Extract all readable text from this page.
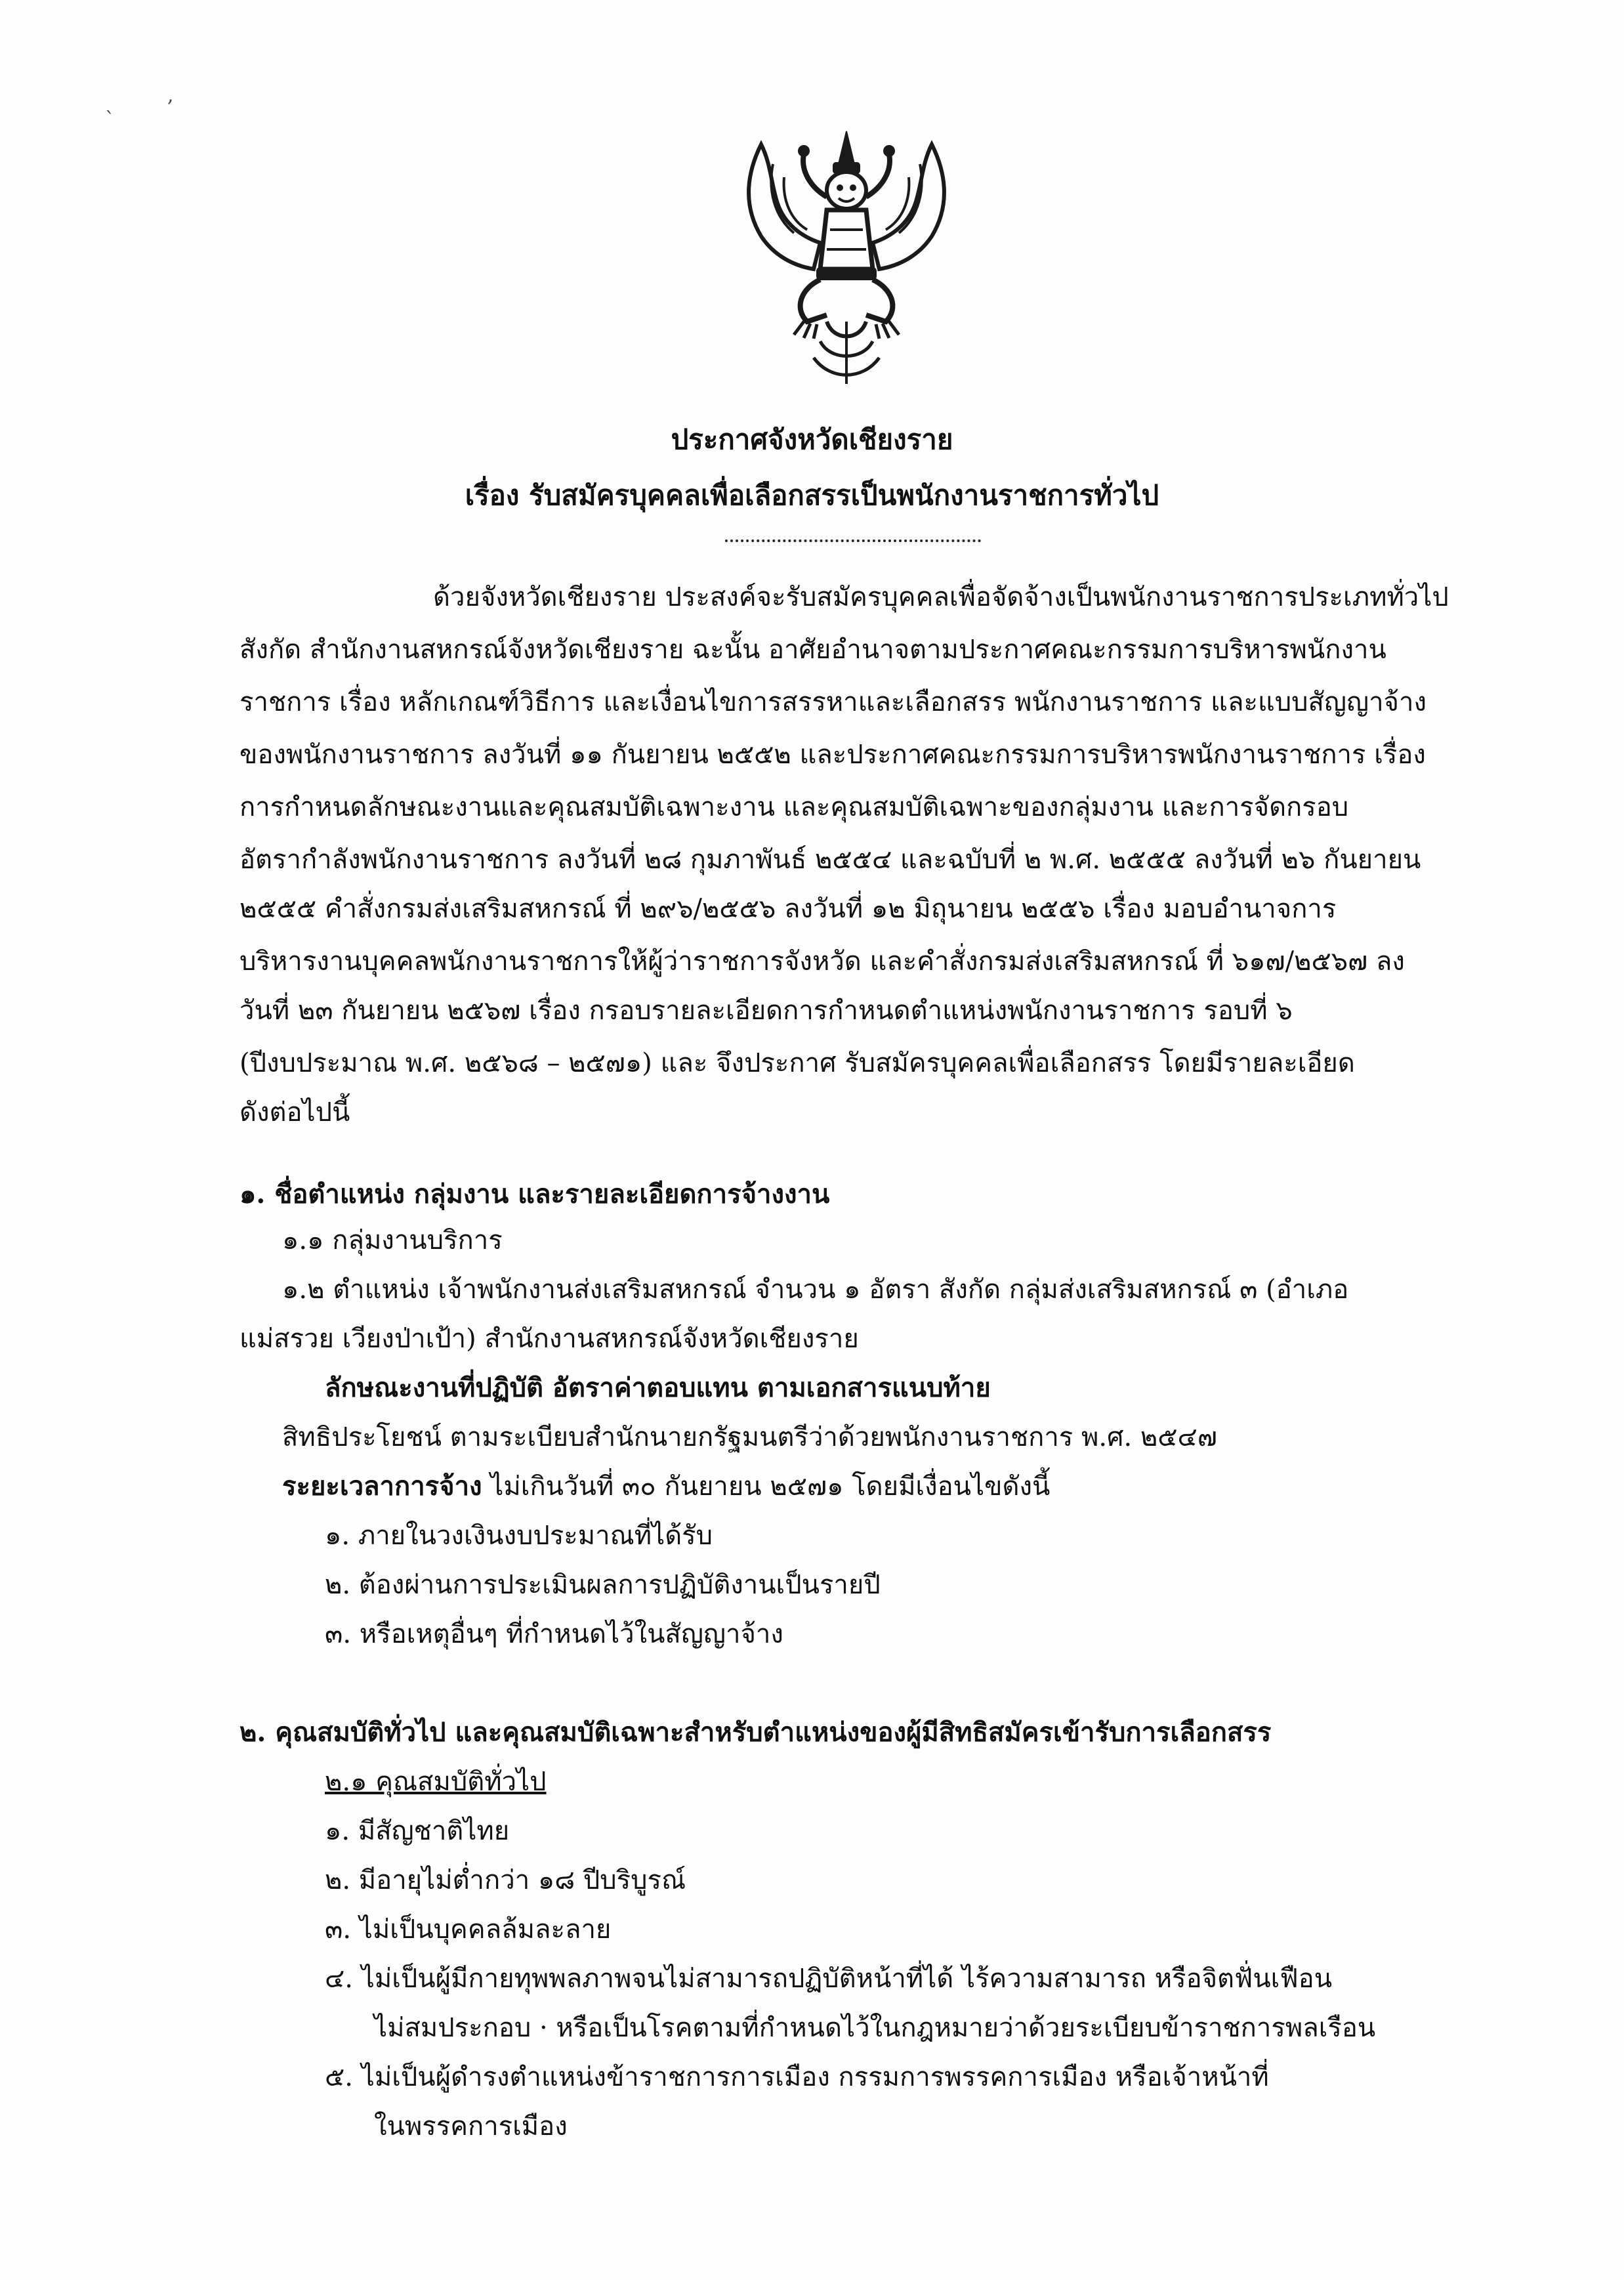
`
,
ประกาศจังหวัดเชียงราย
เรื่อง รับสมัครบุคคลเพื่อเลือกสรรเป็นพนักงานราชการทั่วไป
ด้วยจังหวัดเชียงราย ประสงค์จะรับสมัครบุคคลเพื่อจัดจ้างเป็นพนักงานราชการประเภททั่วไป
สังกัด สำนักงานสหกรณ์จังหวัดเชียงราย ฉะนั้น อาศัยอำนาจตามประกาศคณะกรรมการบริหารพนักงาน
ราชการ เรื่อง หลักเกณฑ์วิธีการ และเงื่อนไขการสรรหาและเลือกสรร พนักงานราชการ และแบบสัญญาจ้าง
ของพนักงานราชการ ลงวันที่ ๑๑ กันยายน ๒๕๕๒ และประกาศคณะกรรมการบริหารพนักงานราชการ เรื่อง
การกำหนดลักษณะงานและคุณสมบัติเฉพาะงาน และคุณสมบัติเฉพาะของกลุ่มงาน และการจัดกรอบ
อัตรากำลังพนักงานราชการ ลงวันที่ ๒๘ กุมภาพันธ์ ๒๕๕๔ และฉบับที่ ๒ พ.ศ. ๒๕๕๕ ลงวันที่ ๒๖ กันยายน
๒๕๕๕ คำสั่งกรมส่งเสริมสหกรณ์ ที่ ๒๙๖/๒๕๕๖ ลงวันที่ ๑๒ มิถุนายน ๒๕๕๖ เรื่อง มอบอำนาจการ
บริหารงานบุคคลพนักงานราชการให้ผู้ว่าราชการจังหวัด และคำสั่งกรมส่งเสริมสหกรณ์ ที่ ๖๑๗/๒๕๖๗ ลง
วันที่ ๒๓ กันยายน ๒๕๖๗ เรื่อง กรอบรายละเอียดการกำหนดตำแหน่งพนักงานราชการ รอบที่ ๖
(ปีงบประมาณ พ.ศ. ๒๕๖๘ – ๒๕๗๑) และ จึงประกาศ รับสมัครบุคคลเพื่อเลือกสรร โดยมีรายละเอียด
ดังต่อไปนี้
๑. ชื่อตำแหน่ง กลุ่มงาน และรายละเอียดการจ้างงาน
๑.๑ กลุ่มงานบริการ
๑.๒ ตำแหน่ง เจ้าพนักงานส่งเสริมสหกรณ์ จำนวน ๑ อัตรา สังกัด กลุ่มส่งเสริมสหกรณ์ ๓ (อำเภอ
แม่สรวย เวียงป่าเป้า) สำนักงานสหกรณ์จังหวัดเชียงราย
ลักษณะงานที่ปฏิบัติ อัตราค่าตอบแทน ตามเอกสารแนบท้าย
สิทธิประโยชน์ ตามระเบียบสำนักนายกรัฐมนตรีว่าด้วยพนักงานราชการ พ.ศ. ๒๕๔๗
ระยะเวลาการจ้าง ไม่เกินวันที่ ๓๐ กันยายน ๒๕๗๑ โดยมีเงื่อนไขดังนี้
๑. ภายในวงเงินงบประมาณที่ได้รับ
๒. ต้องผ่านการประเมินผลการปฏิบัติงานเป็นรายปี
๓. หรือเหตุอื่นๆ ที่กำหนดไว้ในสัญญาจ้าง
๒. คุณสมบัติทั่วไป และคุณสมบัติเฉพาะสำหรับตำแหน่งของผู้มีสิทธิสมัครเข้ารับการเลือกสรร
๒.๑ คุณสมบัติทั่วไป
๑. มีสัญชาติไทย
๒. มีอายุไม่ต่ำกว่า ๑๘ ปีบริบูรณ์
๓. ไม่เป็นบุคคลล้มละลาย
๔. ไม่เป็นผู้มีกายทุพพลภาพจนไม่สามารถปฏิบัติหน้าที่ได้ ไร้ความสามารถ หรือจิตฟั่นเฟือน
ไม่สมประกอบ · หรือเป็นโรคตามที่กำหนดไว้ในกฎหมายว่าด้วยระเบียบข้าราชการพลเรือน
๕. ไม่เป็นผู้ดำรงตำแหน่งข้าราชการการเมือง กรรมการพรรคการเมือง หรือเจ้าหน้าที่
ในพรรคการเมือง
